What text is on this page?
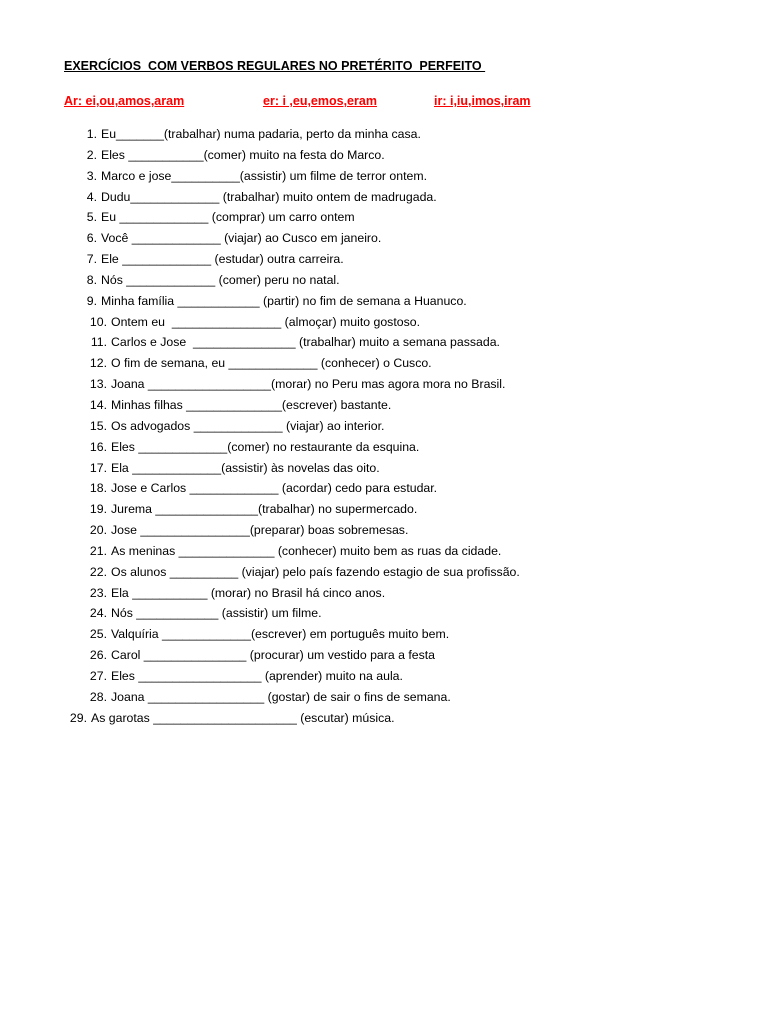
EXERCÍCIOS  COM VERBOS REGULARES NO PRETÉRITO  PERFEITO
Ar: ei,ou,amos,aram	er: i ,eu,emos,eram	ir: i,iu,imos,iram
1. Eu_______(trabalhar) numa padaria, perto da minha casa.
2. Eles ___________(comer) muito na festa do Marco.
3. Marco e jose__________(assistir) um filme de terror ontem.
4. Dudu_____________ (trabalhar) muito ontem de madrugada.
5. Eu _____________ (comprar) um carro ontem
6. Você _____________ (viajar) ao Cusco em janeiro.
7. Ele _____________ (estudar) outra carreira.
8. Nós _____________ (comer) peru no natal.
9. Minha família ____________ (partir) no fim de semana a Huanuco.
10. Ontem eu  ________________ (almoçar) muito gostoso.
11. Carlos e Jose  _______________ (trabalhar) muito a semana passada.
12. O fim de semana, eu _____________ (conhecer) o Cusco.
13. Joana __________________(morar) no Peru mas agora mora no Brasil.
14. Minhas filhas ______________(escrever) bastante.
15. Os advogados _____________ (viajar) ao interior.
16. Eles _____________(comer) no restaurante da esquina.
17. Ela _____________(assistir) às novelas das oito.
18. Jose e Carlos _____________ (acordar) cedo para estudar.
19. Jurema _______________(trabalhar) no supermercado.
20. Jose ________________(preparar) boas sobremesas.
21. As meninas ______________ (conhecer) muito bem as ruas da cidade.
22. Os alunos __________ (viajar) pelo país fazendo estagio de sua profissão.
23. Ela ___________ (morar) no Brasil há cinco anos.
24. Nós ____________ (assistir) um filme.
25. Valquíria _____________(escrever) em português muito bem.
26. Carol _______________ (procurar) um vestido para a festa
27. Eles __________________ (aprender) muito na aula.
28. Joana _________________ (gostar) de sair o fins de semana.
29. As garotas _____________________ (escutar) música.
